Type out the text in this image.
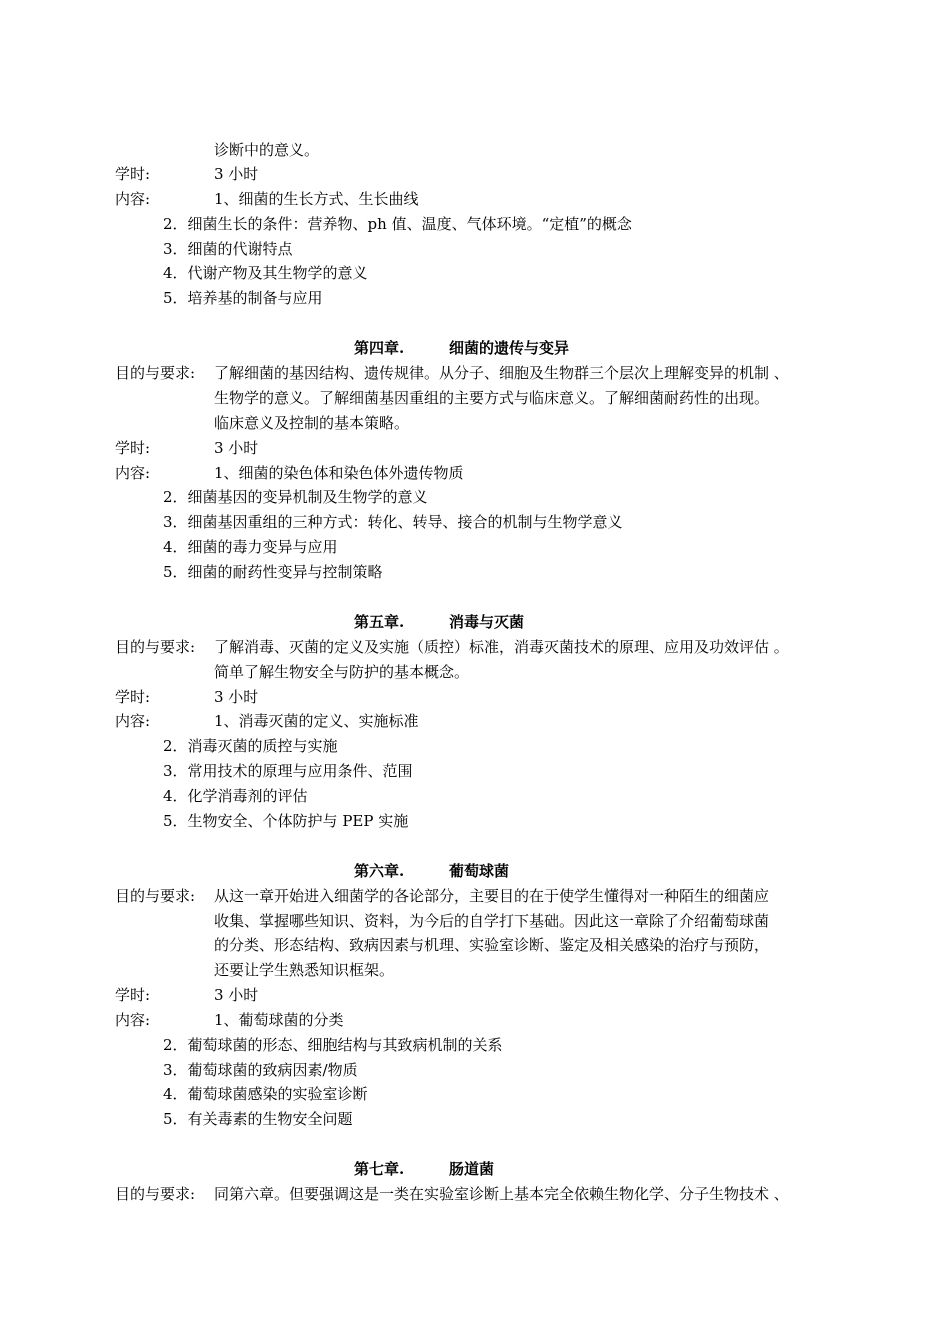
诊断中的意义。
学时:	3 小时
内容:	1、细菌的生长方式、生长曲线
2．细菌生长的条件：营养物、ph 值、温度、气体环境。“定植”的概念
3．细菌的代谢特点
4．代谢产物及其生物学的意义
5．培养基的制备与应用
第四章.	细菌的遗传与变异
目的与要求: 了解细菌的基因结构、遗传规律。从分子、细胞及生物群三个层次上理解变异的机制 、
生物学的意义。了解细菌基因重组的主要方式与临床意义。了解细菌耐药性的出现。
临床意义及控制的基本策略。
学时:	3 小时
内容:	1、细菌的染色体和染色体外遗传物质
2．细菌基因的变异机制及生物学的意义
3．细菌基因重组的三种方式：转化、转导、接合的机制与生物学意义
4．细菌的毒力变异与应用
5．细菌的耐药性变异与控制策略
第五章.	消毒与灭菌
目的与要求: 了解消毒、灭菌的定义及实施（质控）标准，消毒灭菌技术的原理、应用及功效评估 。
简单了解生物安全与防护的基本概念。
学时:	3 小时
内容:	1、消毒灭菌的定义、实施标准
2．消毒灭菌的质控与实施
3．常用技术的原理与应用条件、范围
4．化学消毒剂的评估
5．生物安全、个体防护与 PEP 实施
第六章.	葡萄球菌
目的与要求: 从这一章开始进入细菌学的各论部分，主要目的在于使学生懂得对一种陌生的细菌应
收集、掌握哪些知识、资料，为今后的自学打下基础。因此这一章除了介绍葡萄球菌
的分类、形态结构、致病因素与机理、实验室诊断、鉴定及相关感染的治疗与预防，
还要让学生熟悉知识框架。
学时:	3 小时
内容:	1、葡萄球菌的分类
2．葡萄球菌的形态、细胞结构与其致病机制的关系
3．葡萄球菌的致病因素/物质
4．葡萄球菌感染的实验室诊断
5．有关毒素的生物安全问题
第七章.	肠道菌
目的与要求: 同第六章。但要强调这是一类在实验室诊断上基本完全依赖生物化学、分子生物技术 、
